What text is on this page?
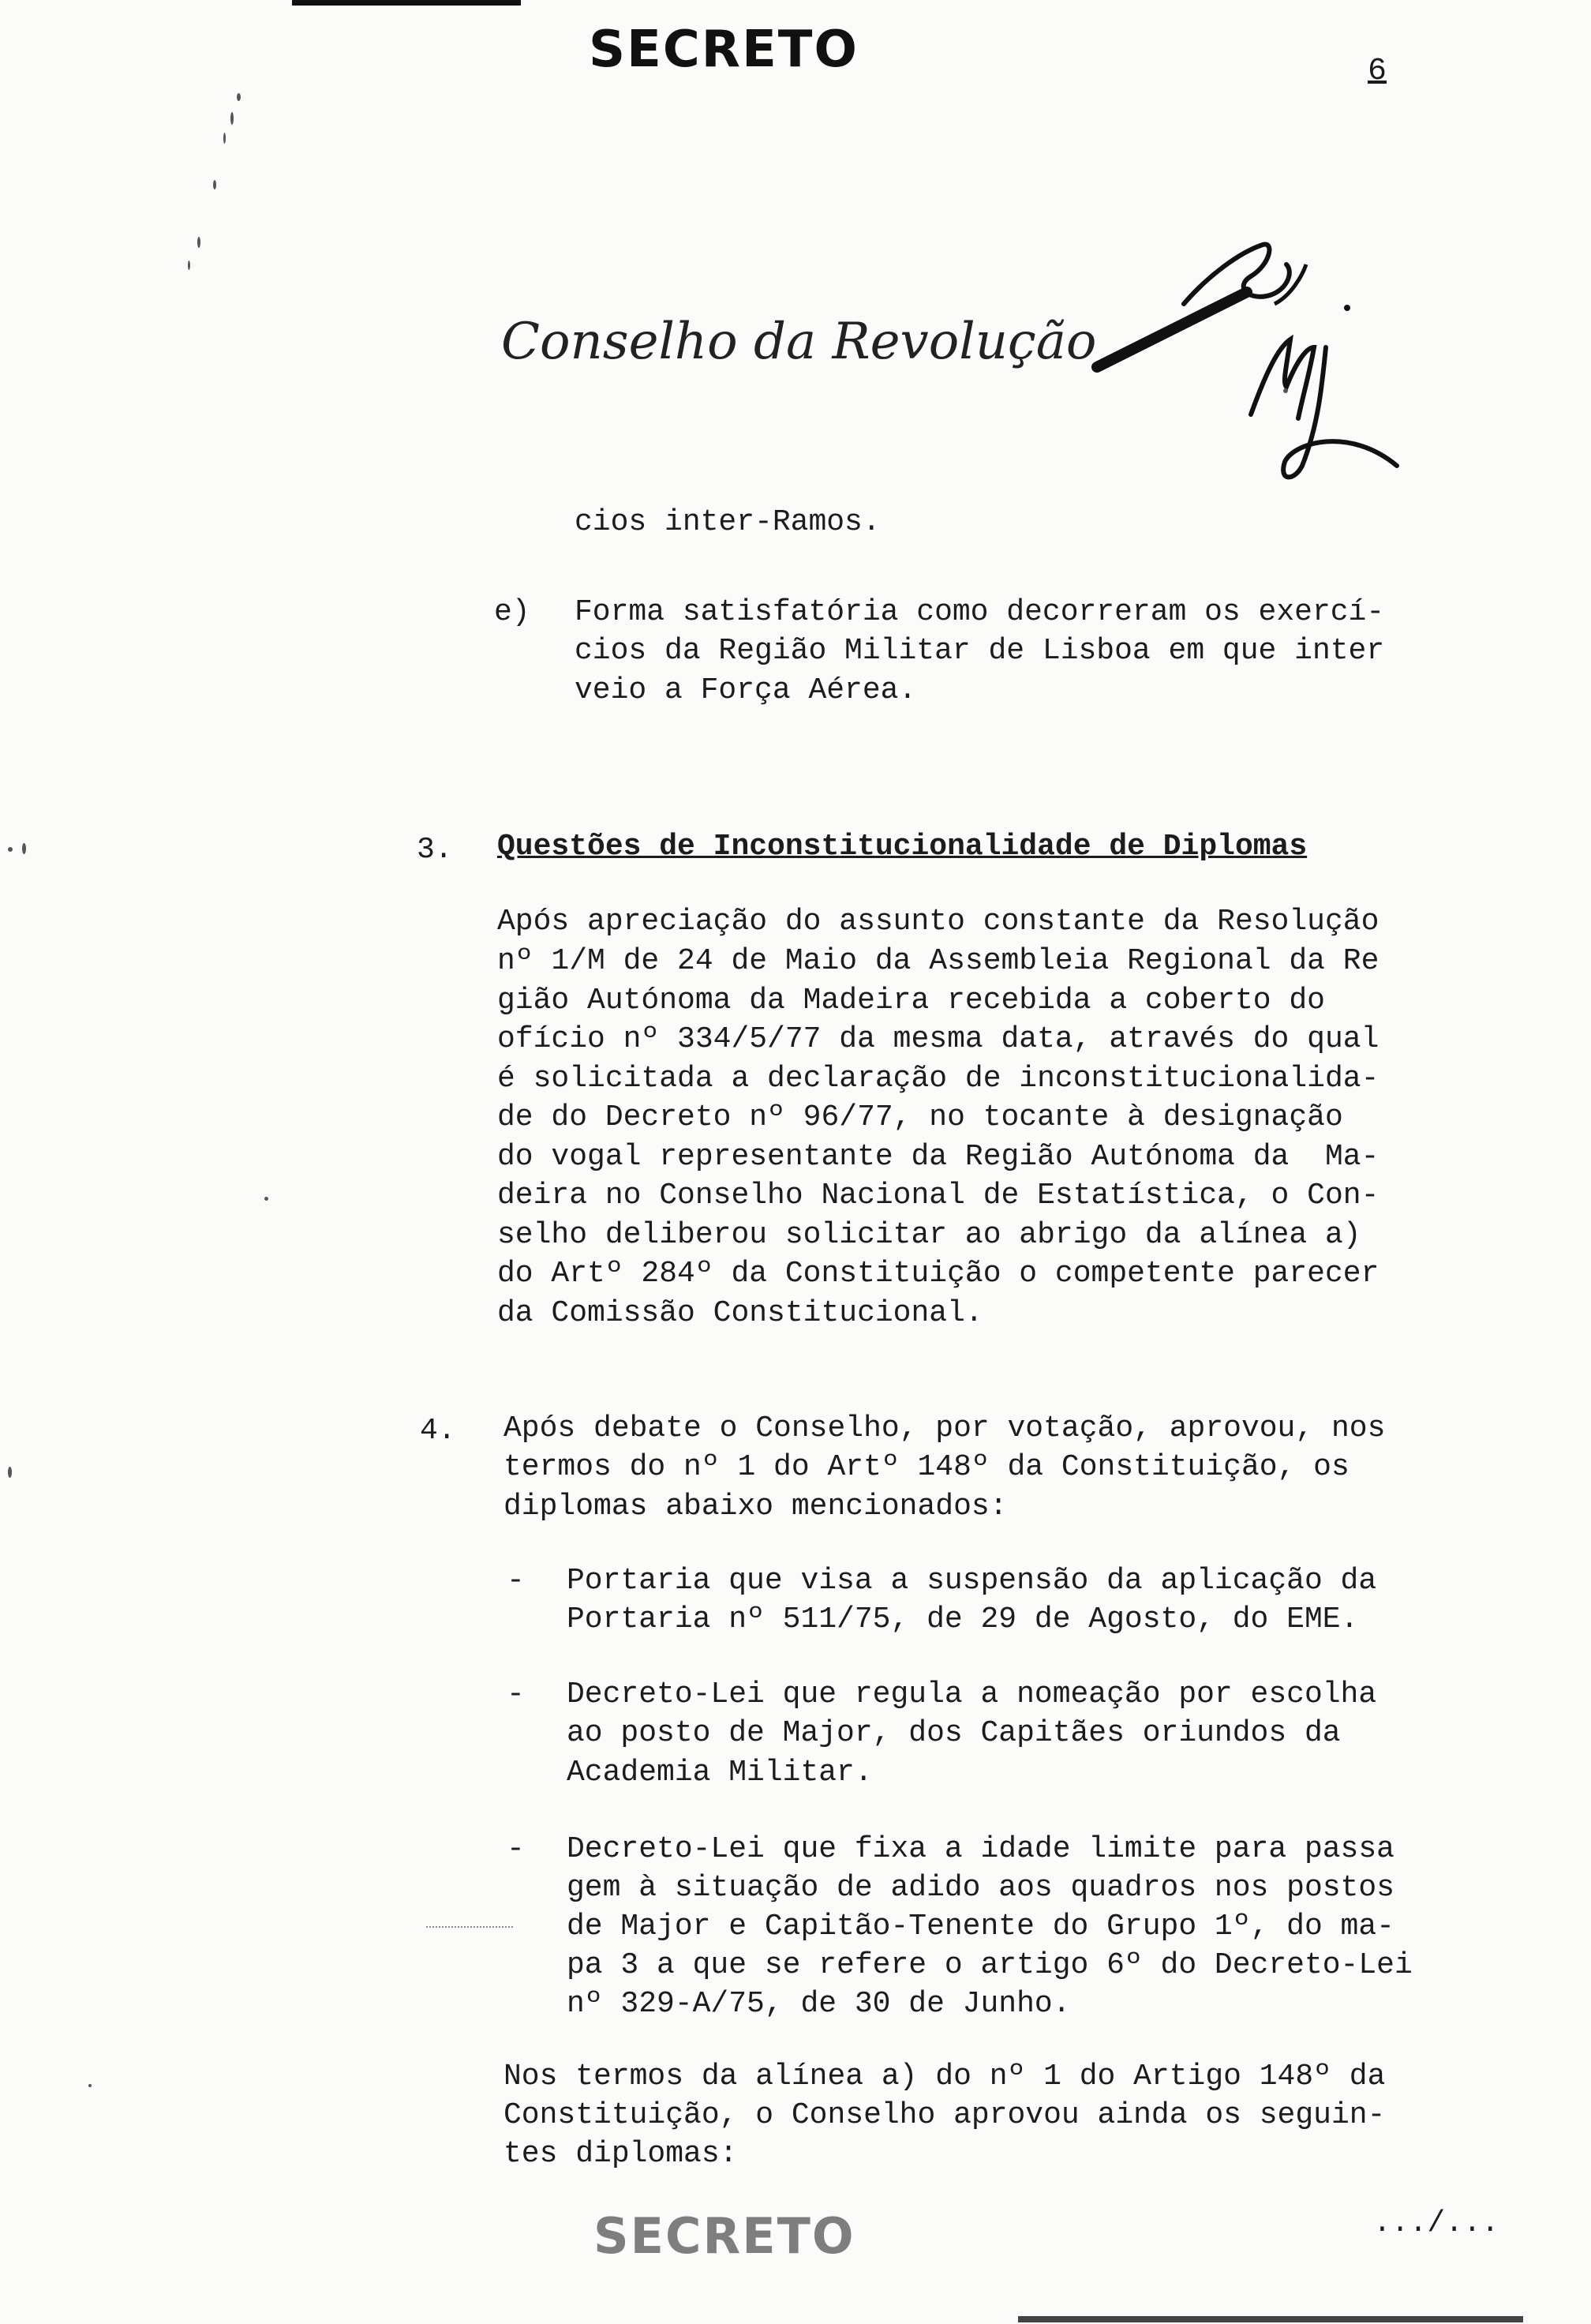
SECRETO	6
Conselho da Revolução
cios inter-Ramos.
e) Forma satisfatória como decorreram os exercí-
cios da Região Militar de Lisboa em que inter
veio a Força Aérea.
3. Questões de Inconstitucionalidade de Diplomas
Após apreciação do assunto constante da Resolução
nº 1/M de 24 de Maio da Assembleia Regional da Re
gião Autónoma da Madeira recebida a coberto do
ofício nº 334/5/77 da mesma data, através do qual
é solicitada a declaração de inconstitucionalida-
de do Decreto nº 96/77, no tocante à designação
do vogal representante da Região Autónoma da  Ma-
deira no Conselho Nacional de Estatística, o Con-
selho deliberou solicitar ao abrigo da alínea a)
do Artº 284º da Constituição o competente parecer
da Comissão Constitucional.
4. Após debate o Conselho, por votação, aprovou, nos
termos do nº 1 do Artº 148º da Constituição, os
diplomas abaixo mencionados:
- Portaria que visa a suspensão da aplicação da
Portaria nº 511/75, de 29 de Agosto, do EME.
- Decreto-Lei que regula a nomeação por escolha
ao posto de Major, dos Capitães oriundos da
Academia Militar.
- Decreto-Lei que fixa a idade limite para passa
gem à situação de adido aos quadros nos postos
de Major e Capitão-Tenente do Grupo 1º, do ma-
pa 3 a que se refere o artigo 6º do Decreto-Lei
nº 329-A/75, de 30 de Junho.
Nos termos da alínea a) do nº 1 do Artigo 148º da
Constituição, o Conselho aprovou ainda os seguin-
tes diplomas:
SECRETO	.../...
